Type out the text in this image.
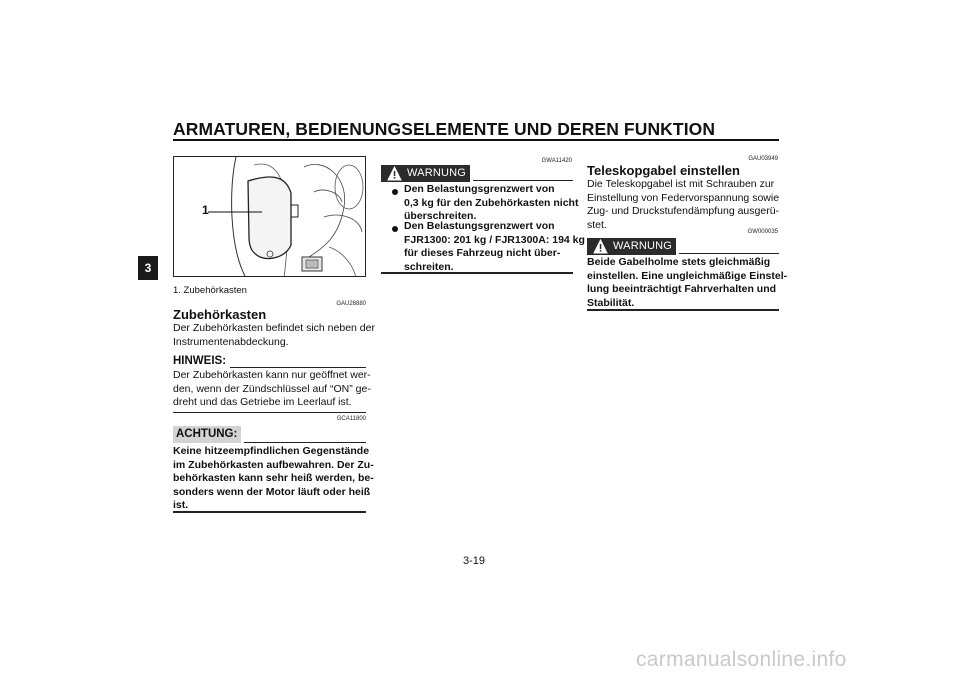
ARMATUREN, BEDIENUNGSELEMENTE UND DEREN FUNKTION
3
1
1. Zubehörkasten
GAU26880
Zubehörkasten
Der Zubehörkasten befindet sich neben der
Instrumentenabdeckung.
HINWEIS:
Der Zubehörkasten kann nur geöffnet wer-
den, wenn der Zündschlüssel auf “ON” ge-
dreht und das Getriebe im Leerlauf ist.
GCA11800
ACHTUNG:
Keine hitzeempfindlichen Gegenstände
im Zubehörkasten aufbewahren. Der Zu-
behörkasten kann sehr heiß werden, be-
sonders wenn der Motor läuft oder heiß
ist.
GWA11420
WARNUNG
Den Belastungsgrenzwert von
0,3 kg für den Zubehörkasten nicht
überschreiten.
Den Belastungsgrenzwert von
FJR1300: 201 kg / FJR1300A: 194 kg
für dieses Fahrzeug nicht über-
schreiten.
GAU03949
Teleskopgabel einstellen
Die Teleskopgabel ist mit Schrauben zur
Einstellung von Federvorspannung sowie
Zug- und Druckstufendämpfung ausgerü-
stet.
GW000035
WARNUNG
Beide Gabelholme stets gleichmäßig
einstellen. Eine ungleichmäßige Einstel-
lung beeinträchtigt Fahrverhalten und
Stabilität.
3-19
carmanualsonline.info
